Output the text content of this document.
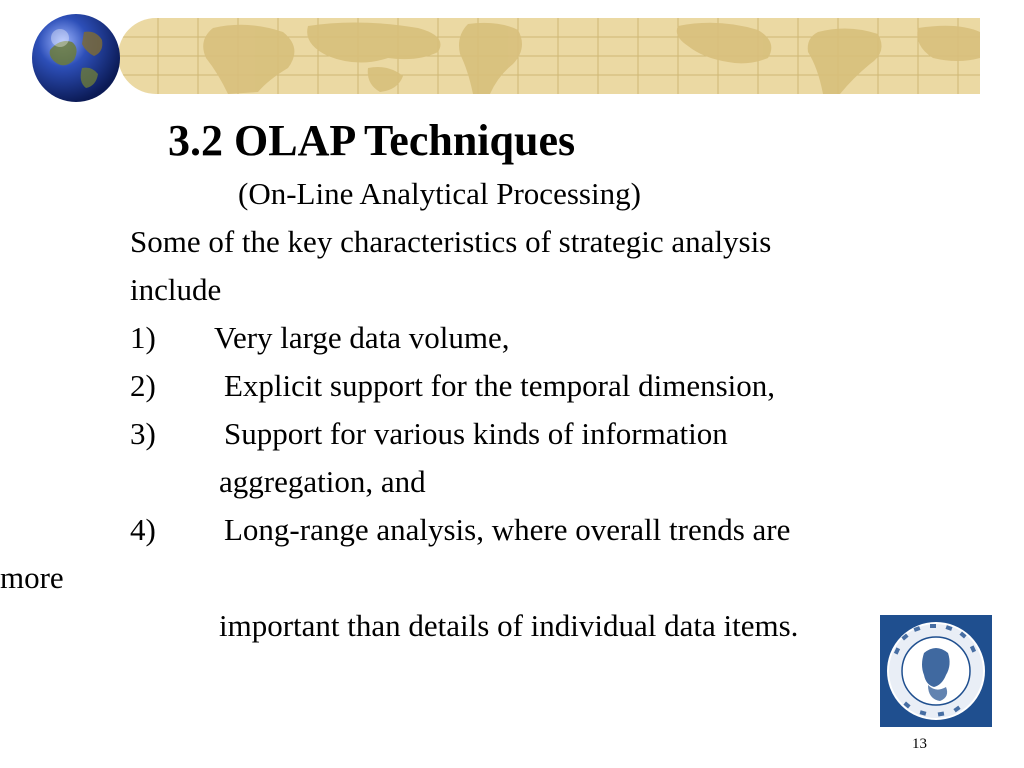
3.2 OLAP Techniques
(On-Line Analytical Processing)
Some of the key characteristics of strategic analysis
include
1) Very large data volume,
2) Explicit support for the temporal dimension,
3) Support for various kinds of information
aggregation, and
4) Long-range analysis, where overall trends are
more
important than details of individual data items.
13
